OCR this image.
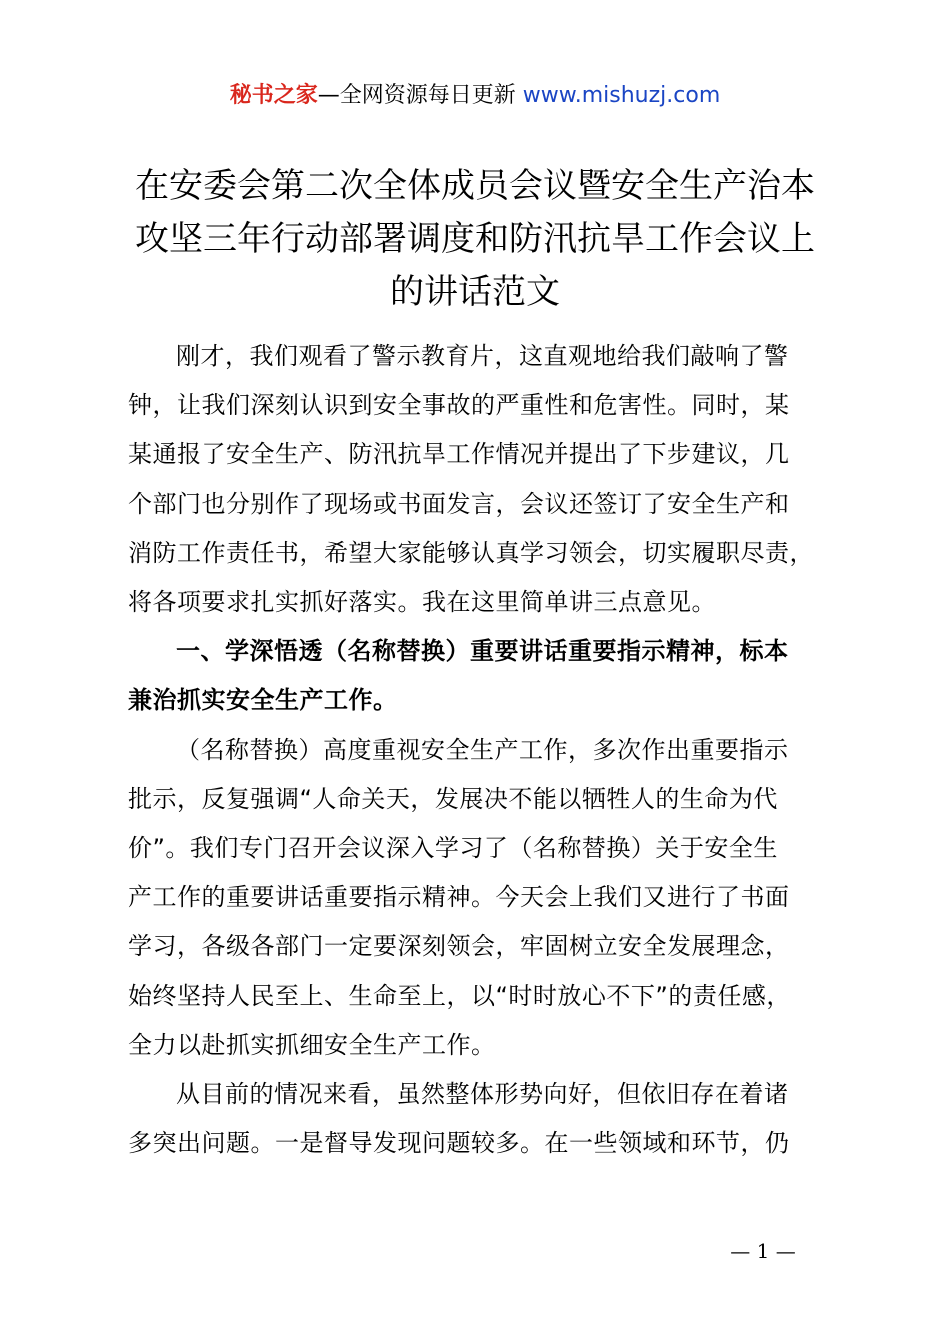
秘书之家—全网资源每日更新 www.mishuzj.com
在安委会第二次全体成员会议暨安全生产治本
攻坚三年行动部署调度和防汛抗旱工作会议上
的讲话范文

刚才，我们观看了警示教育片，这直观地给我们敲响了警
钟，让我们深刻认识到安全事故的严重性和危害性。同时，某
某通报了安全生产、防汛抗旱工作情况并提出了下步建议，几
个部门也分别作了现场或书面发言，会议还签订了安全生产和
消防工作责任书，希望大家能够认真学习领会，切实履职尽责，
将各项要求扎实抓好落实。我在这里简单讲三点意见。

一、学深悟透（名称替换）重要讲话重要指示精神，标本
兼治抓实安全生产工作。

（名称替换）高度重视安全生产工作，多次作出重要指示
批示，反复强调“人命关天，发展决不能以牺牲人的生命为代
价”。我们专门召开会议深入学习了（名称替换）关于安全生
产工作的重要讲话重要指示精神。今天会上我们又进行了书面
学习，各级各部门一定要深刻领会，牢固树立安全发展理念，
始终坚持人民至上、生命至上，以“时时放心不下”的责任感，
全力以赴抓实抓细安全生产工作。

从目前的情况来看，虽然整体形势向好，但依旧存在着诸
多突出问题。一是督导发现问题较多。在一些领域和环节，仍

— 1 —
